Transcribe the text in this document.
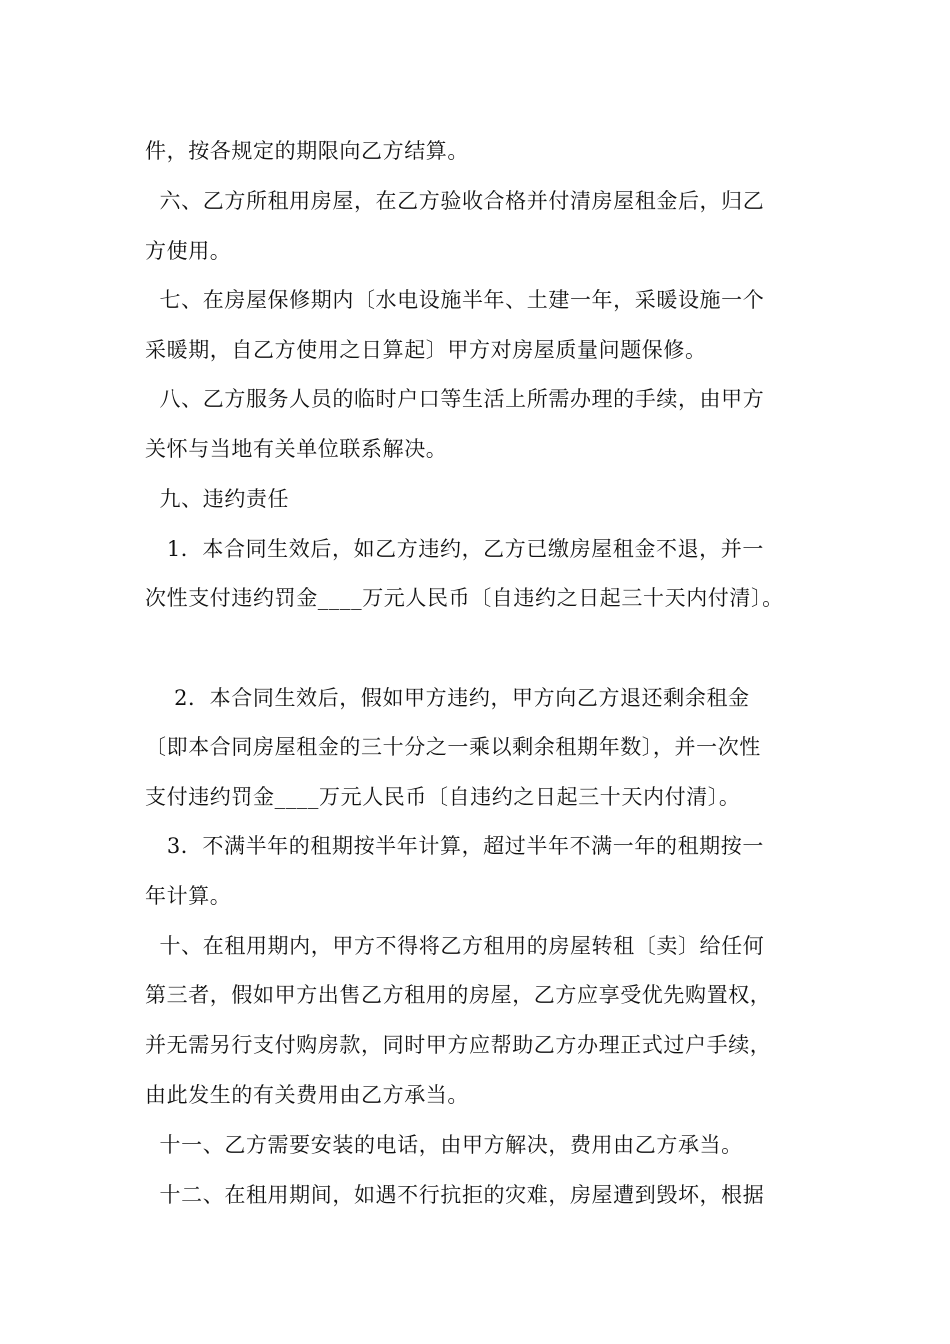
件，按各规定的期限向乙方结算。
六、乙方所租用房屋，在乙方验收合格并付清房屋租金后，归乙
方使用。
七、在房屋保修期内〔水电设施半年、土建一年，采暖设施一个
采暖期，自乙方使用之日算起〕甲方对房屋质量问题保修。
八、乙方服务人员的临时户口等生活上所需办理的手续，由甲方
关怀与当地有关单位联系解决。
九、违约责任
1．本合同生效后，如乙方违约，乙方已缴房屋租金不退，并一
次性支付违约罚金____万元人民币〔自违约之日起三十天内付清〕。
2．本合同生效后，假如甲方违约，甲方向乙方退还剩余租金
〔即本合同房屋租金的三十分之一乘以剩余租期年数〕，并一次性
支付违约罚金____万元人民币〔自违约之日起三十天内付清〕。
3．不满半年的租期按半年计算，超过半年不满一年的租期按一
年计算。
十、在租用期内，甲方不得将乙方租用的房屋转租〔卖〕给任何
第三者，假如甲方出售乙方租用的房屋，乙方应享受优先购置权，
并无需另行支付购房款，同时甲方应帮助乙方办理正式过户手续，
由此发生的有关费用由乙方承当。
十一、乙方需要安装的电话，由甲方解决，费用由乙方承当。
十二、在租用期间，如遇不行抗拒的灾难，房屋遭到毁坏，根据
